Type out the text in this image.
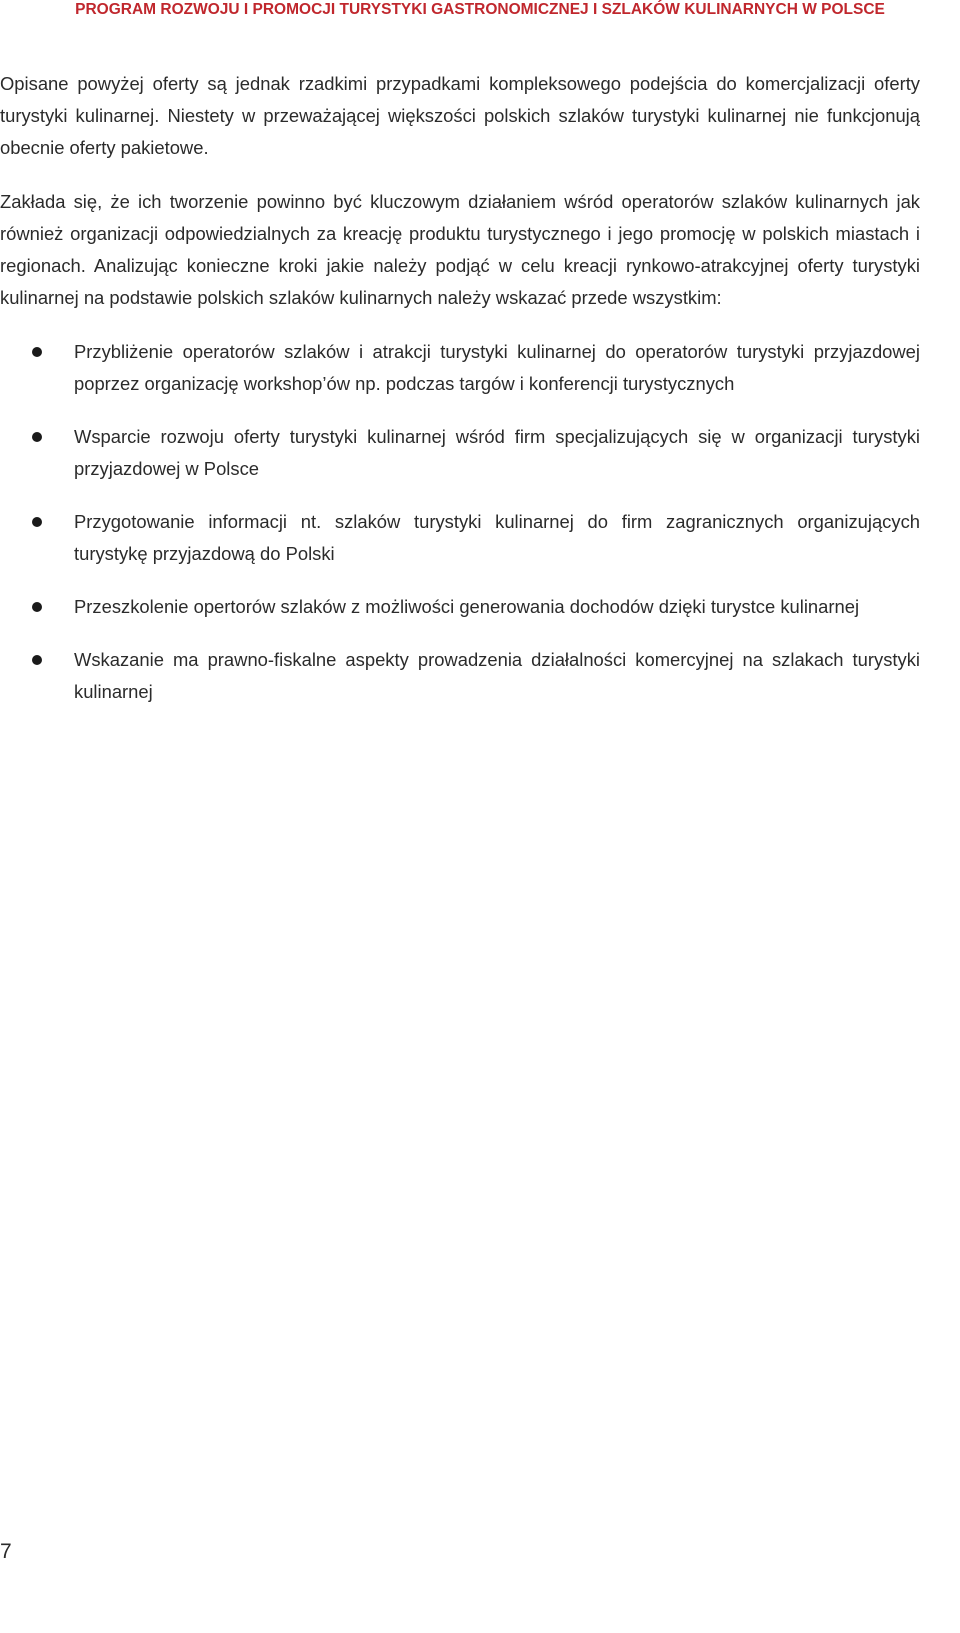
PROGRAM ROZWOJU I PROMOCJI TURYSTYKI GASTRONOMICZNEJ I SZLAKÓW KULINARNYCH W POLSCE

Opisane powyżej oferty są jednak rzadkimi przypadkami kompleksowego podejścia do komercjalizacji oferty turystyki kulinarnej. Niestety w przeważającej większości polskich szlaków turystyki kulinarnej nie funkcjonują obecnie oferty pakietowe.

Zakłada się, że ich tworzenie powinno być kluczowym działaniem wśród operatorów szlaków kulinarnych jak również organizacji odpowiedzialnych za kreację produktu turystycznego i jego promocję w polskich miastach i regionach. Analizując konieczne kroki jakie należy podjąć w celu kreacji rynkowo-atrakcyjnej oferty turystyki kulinarnej na podstawie polskich szlaków kulinarnych należy wskazać przede wszystkim:

Przybliżenie operatorów szlaków i atrakcji turystyki kulinarnej do operatorów turystyki przyjazdowej poprzez organizację workshop’ów np. podczas targów i konferencji turystycznych
Wsparcie rozwoju oferty turystyki kulinarnej wśród firm specjalizujących się w organizacji turystyki przyjazdowej w Polsce
Przygotowanie informacji nt. szlaków turystyki kulinarnej do firm zagranicznych organizujących turystykę przyjazdową do Polski
Przeszkolenie opertorów szlaków z możliwości generowania dochodów dzięki turystce kulinarnej
Wskazanie ma prawno-fiskalne aspekty prowadzenia działalności komercyjnej na szlakach turystyki kulinarnej
7
